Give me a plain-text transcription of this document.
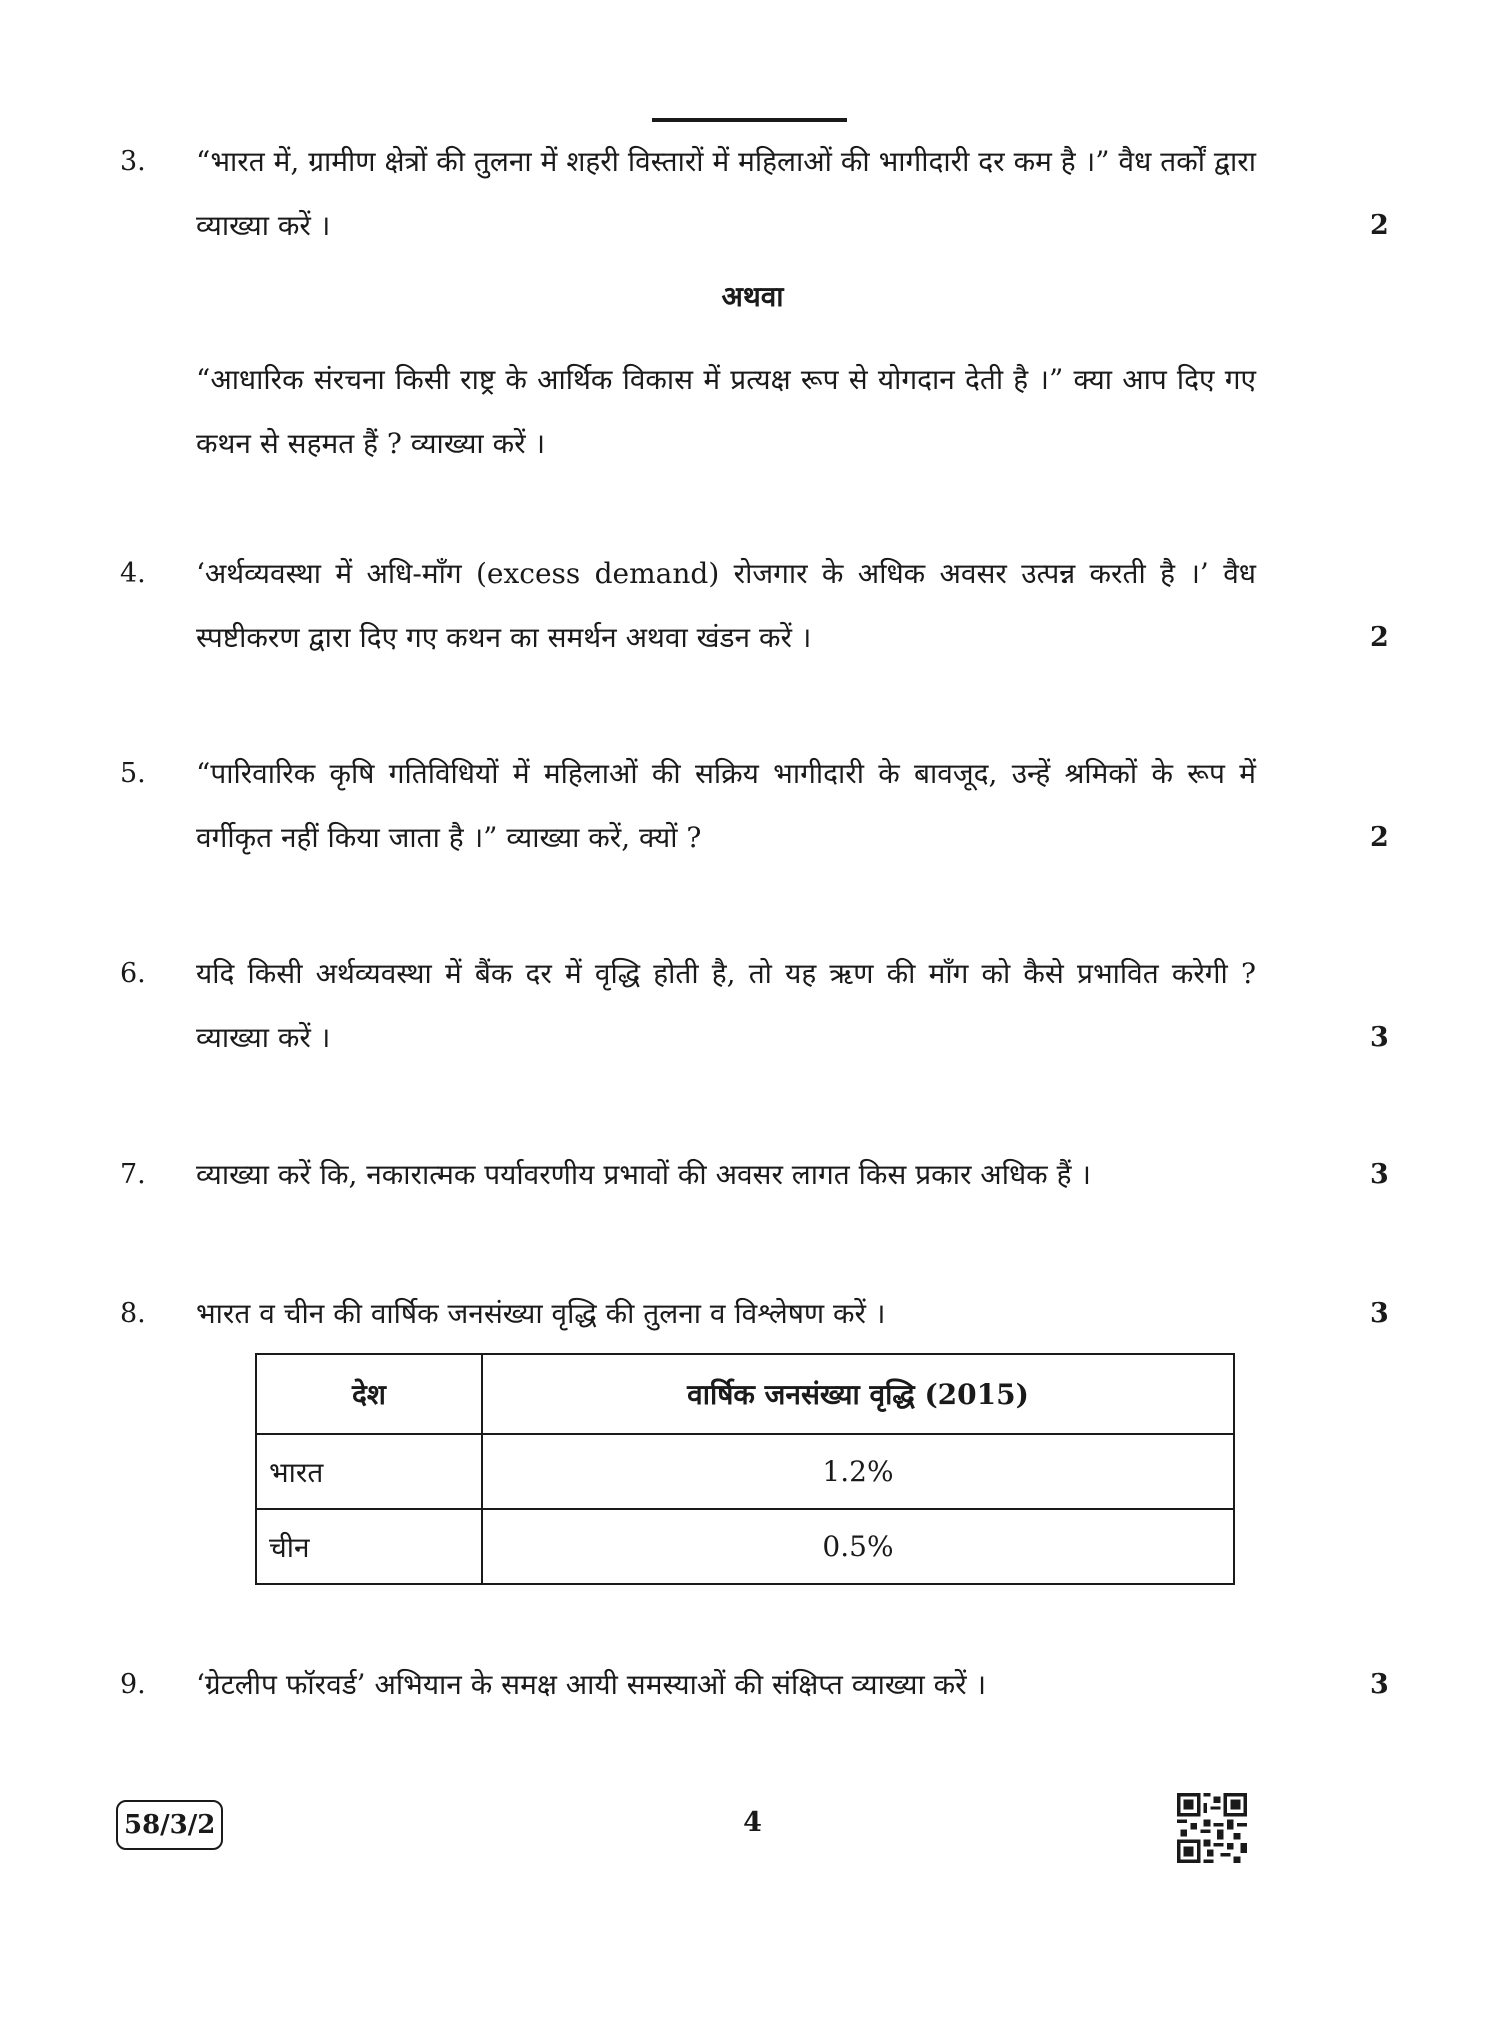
3. “भारत में, ग्रामीण क्षेत्रों की तुलना में शहरी विस्तारों में महिलाओं की भागीदारी दर कम है ।” वैध तर्कों द्वारा व्याख्या करें ।	2
अथवा
“आधारिक संरचना किसी राष्ट्र के आर्थिक विकास में प्रत्यक्ष रूप से योगदान देती है ।” क्या आप दिए गए कथन से सहमत हैं ? व्याख्या करें ।
4. ‘अर्थव्यवस्था में अधि-माँग (excess demand) रोजगार के अधिक अवसर उत्पन्न करती है ।’ वैध स्पष्टीकरण द्वारा दिए गए कथन का समर्थन अथवा खंडन करें ।	2
5. “पारिवारिक कृषि गतिविधियों में महिलाओं की सक्रिय भागीदारी के बावजूद, उन्हें श्रमिकों के रूप में वर्गीकृत नहीं किया जाता है ।” व्याख्या करें, क्यों ?	2
6. यदि किसी अर्थव्यवस्था में बैंक दर में वृद्धि होती है, तो यह ऋण की माँग को कैसे प्रभावित करेगी ? व्याख्या करें ।	3
7. व्याख्या करें कि, नकारात्मक पर्यावरणीय प्रभावों की अवसर लागत किस प्रकार अधिक हैं ।	3
8. भारत व चीन की वार्षिक जनसंख्या वृद्धि की तुलना व विश्लेषण करें ।	3
देश	वार्षिक जनसंख्या वृद्धि (2015)
भारत	1.2%
चीन	0.5%
9. ‘ग्रेटलीप फॉरवर्ड’ अभियान के समक्ष आयी समस्याओं की संक्षिप्त व्याख्या करें ।	3
58/3/2	4
